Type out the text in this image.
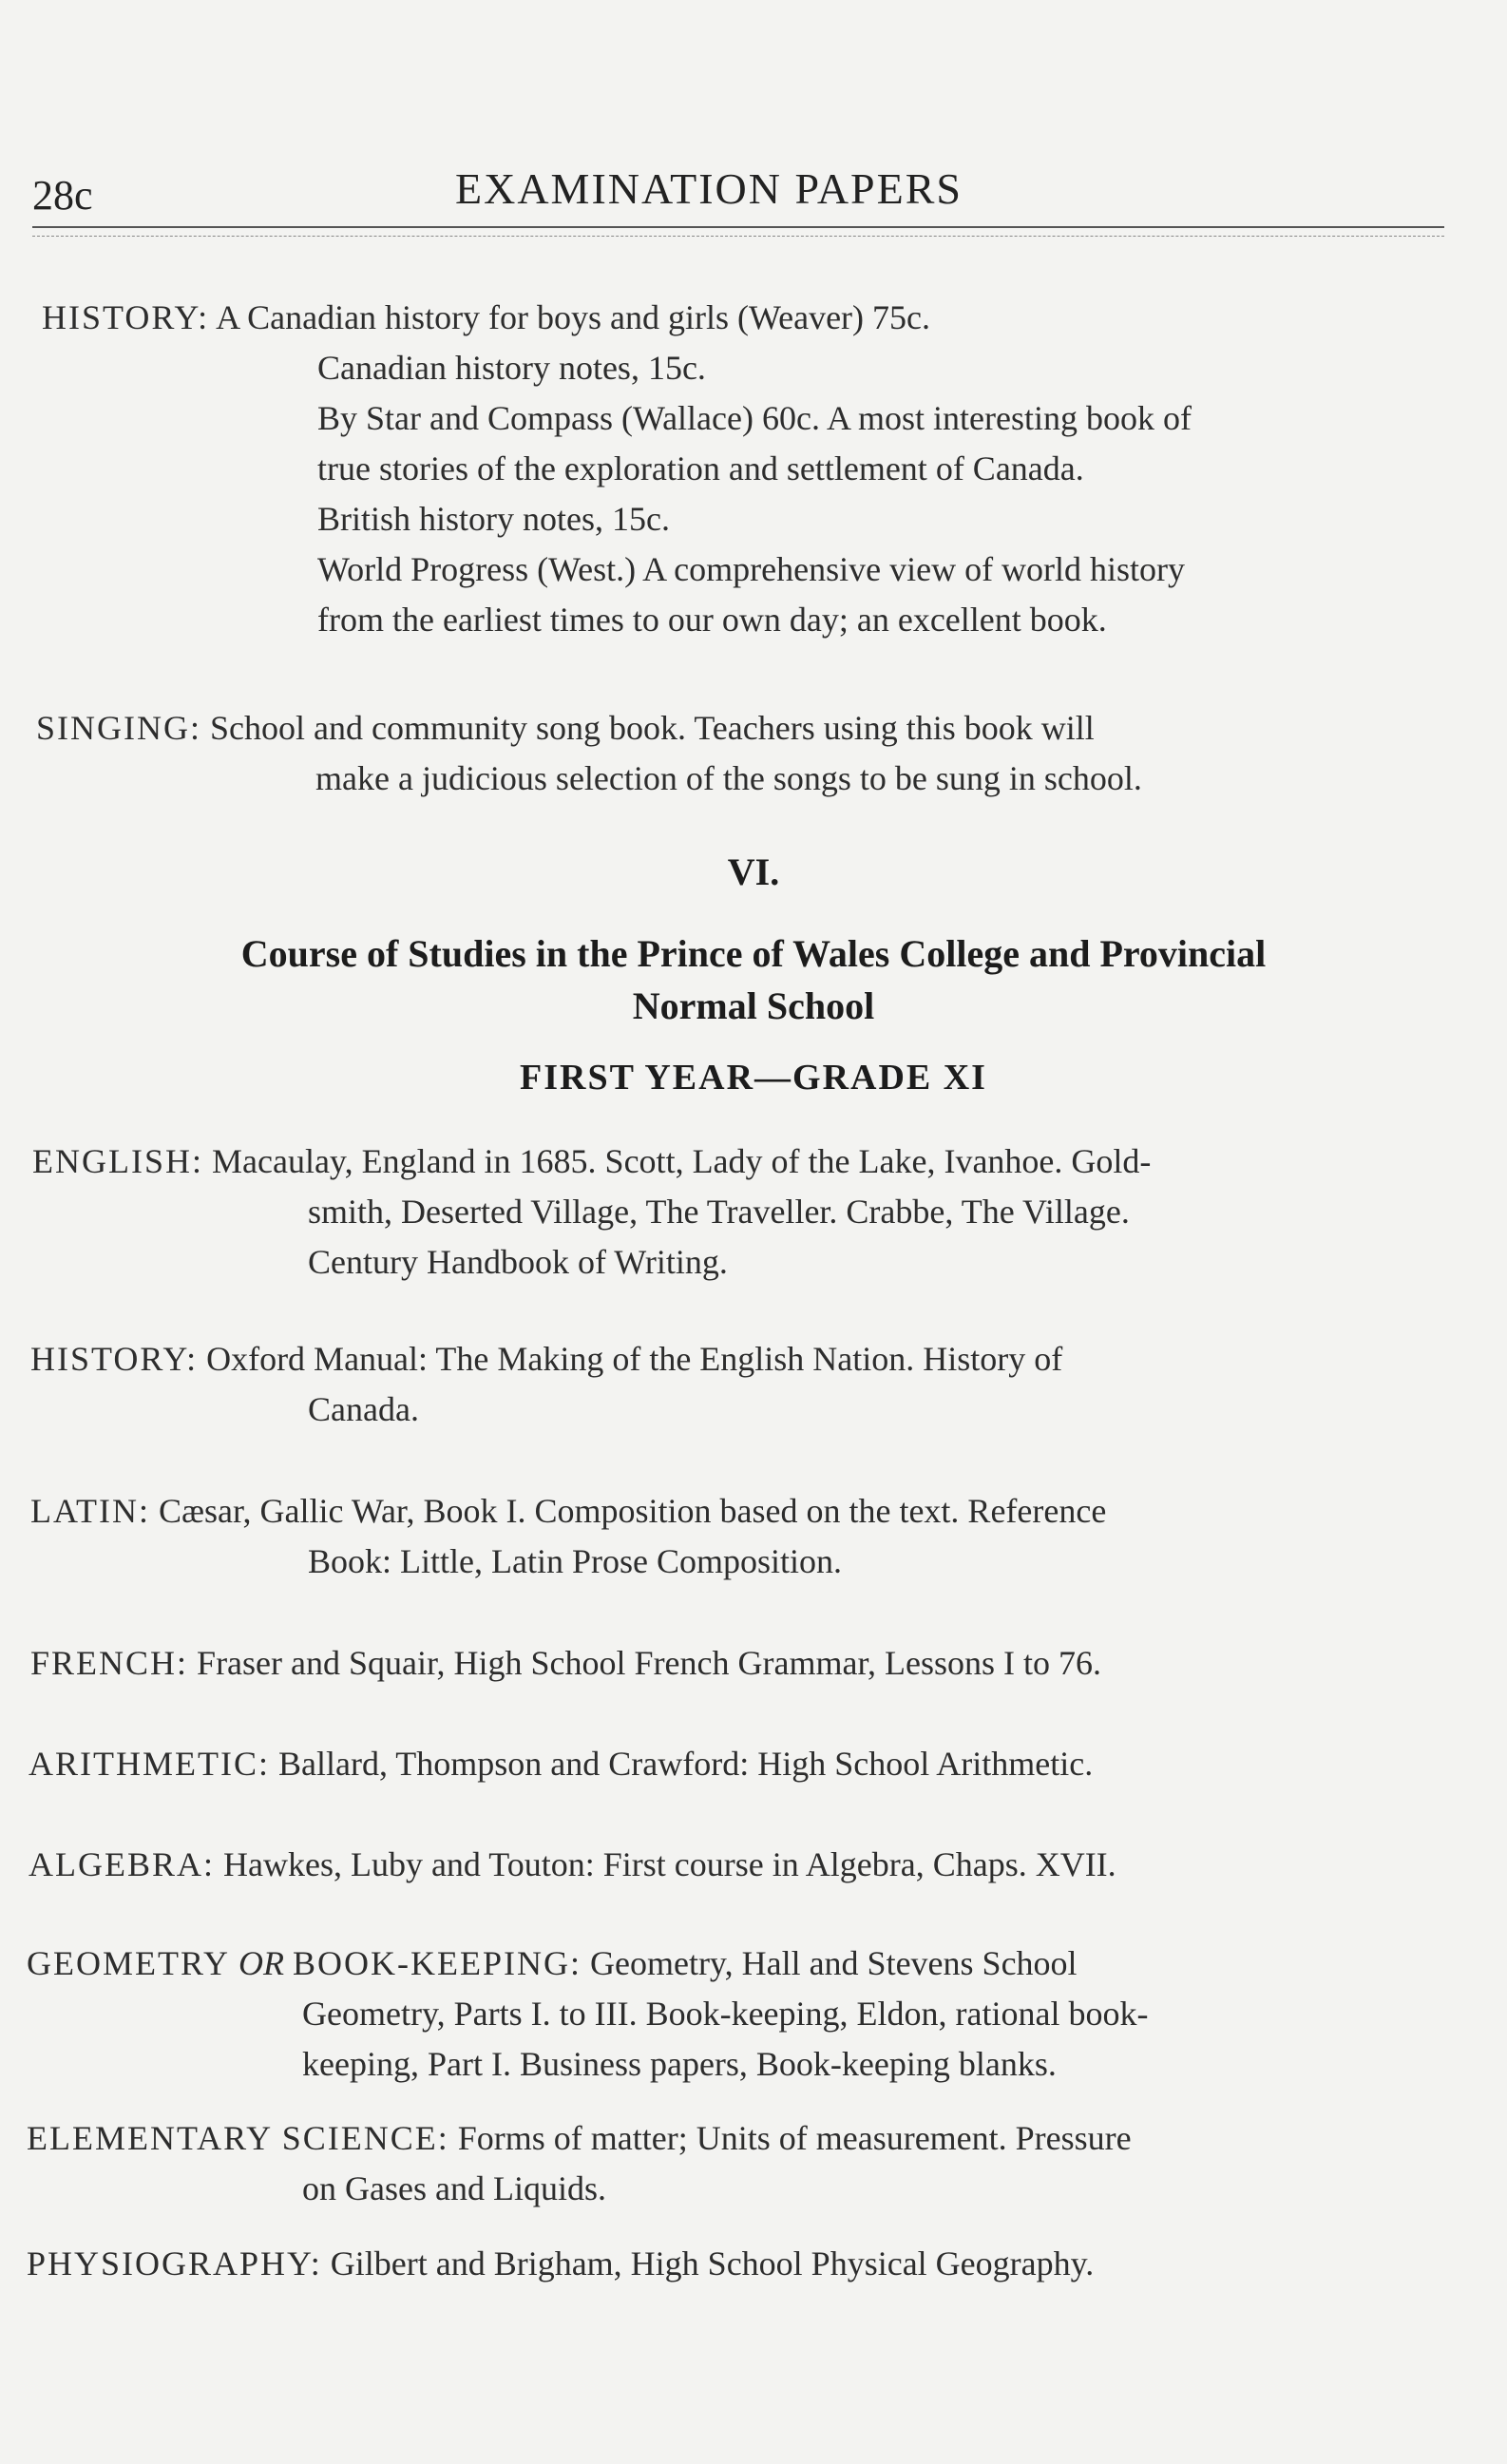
28c	EXAMINATION PAPERS
HISTORY: A Canadian history for boys and girls (Weaver) 75c.
Canadian history notes, 15c.
By Star and Compass (Wallace) 60c. A most interesting book of
true stories of the exploration and settlement of Canada.
British history notes, 15c.
World Progress (West.) A comprehensive view of world history
from the earliest times to our own day; an excellent book.
SINGING: School and community song book. Teachers using this book will
make a judicious selection of the songs to be sung in school.
VI.
Course of Studies in the Prince of Wales College and Provincial
Normal School
FIRST YEAR—GRADE XI
ENGLISH: Macaulay, England in 1685. Scott, Lady of the Lake, Ivanhoe. Gold-
smith, Deserted Village, The Traveller. Crabbe, The Village.
Century Handbook of Writing.
HISTORY: Oxford Manual: The Making of the English Nation. History of
Canada.
LATIN: Cæsar, Gallic War, Book I. Composition based on the text. Reference
Book: Little, Latin Prose Composition.
FRENCH: Fraser and Squair, High School French Grammar, Lessons I to 76.
ARITHMETIC: Ballard, Thompson and Crawford: High School Arithmetic.
ALGEBRA: Hawkes, Luby and Touton: First course in Algebra, Chaps. XVII.
GEOMETRY OR BOOK-KEEPING: Geometry, Hall and Stevens School
Geometry, Parts I. to III. Book-keeping, Eldon, rational book-
keeping, Part I. Business papers, Book-keeping blanks.
ELEMENTARY SCIENCE: Forms of matter; Units of measurement. Pressure
on Gases and Liquids.
PHYSIOGRAPHY: Gilbert and Brigham, High School Physical Geography.
